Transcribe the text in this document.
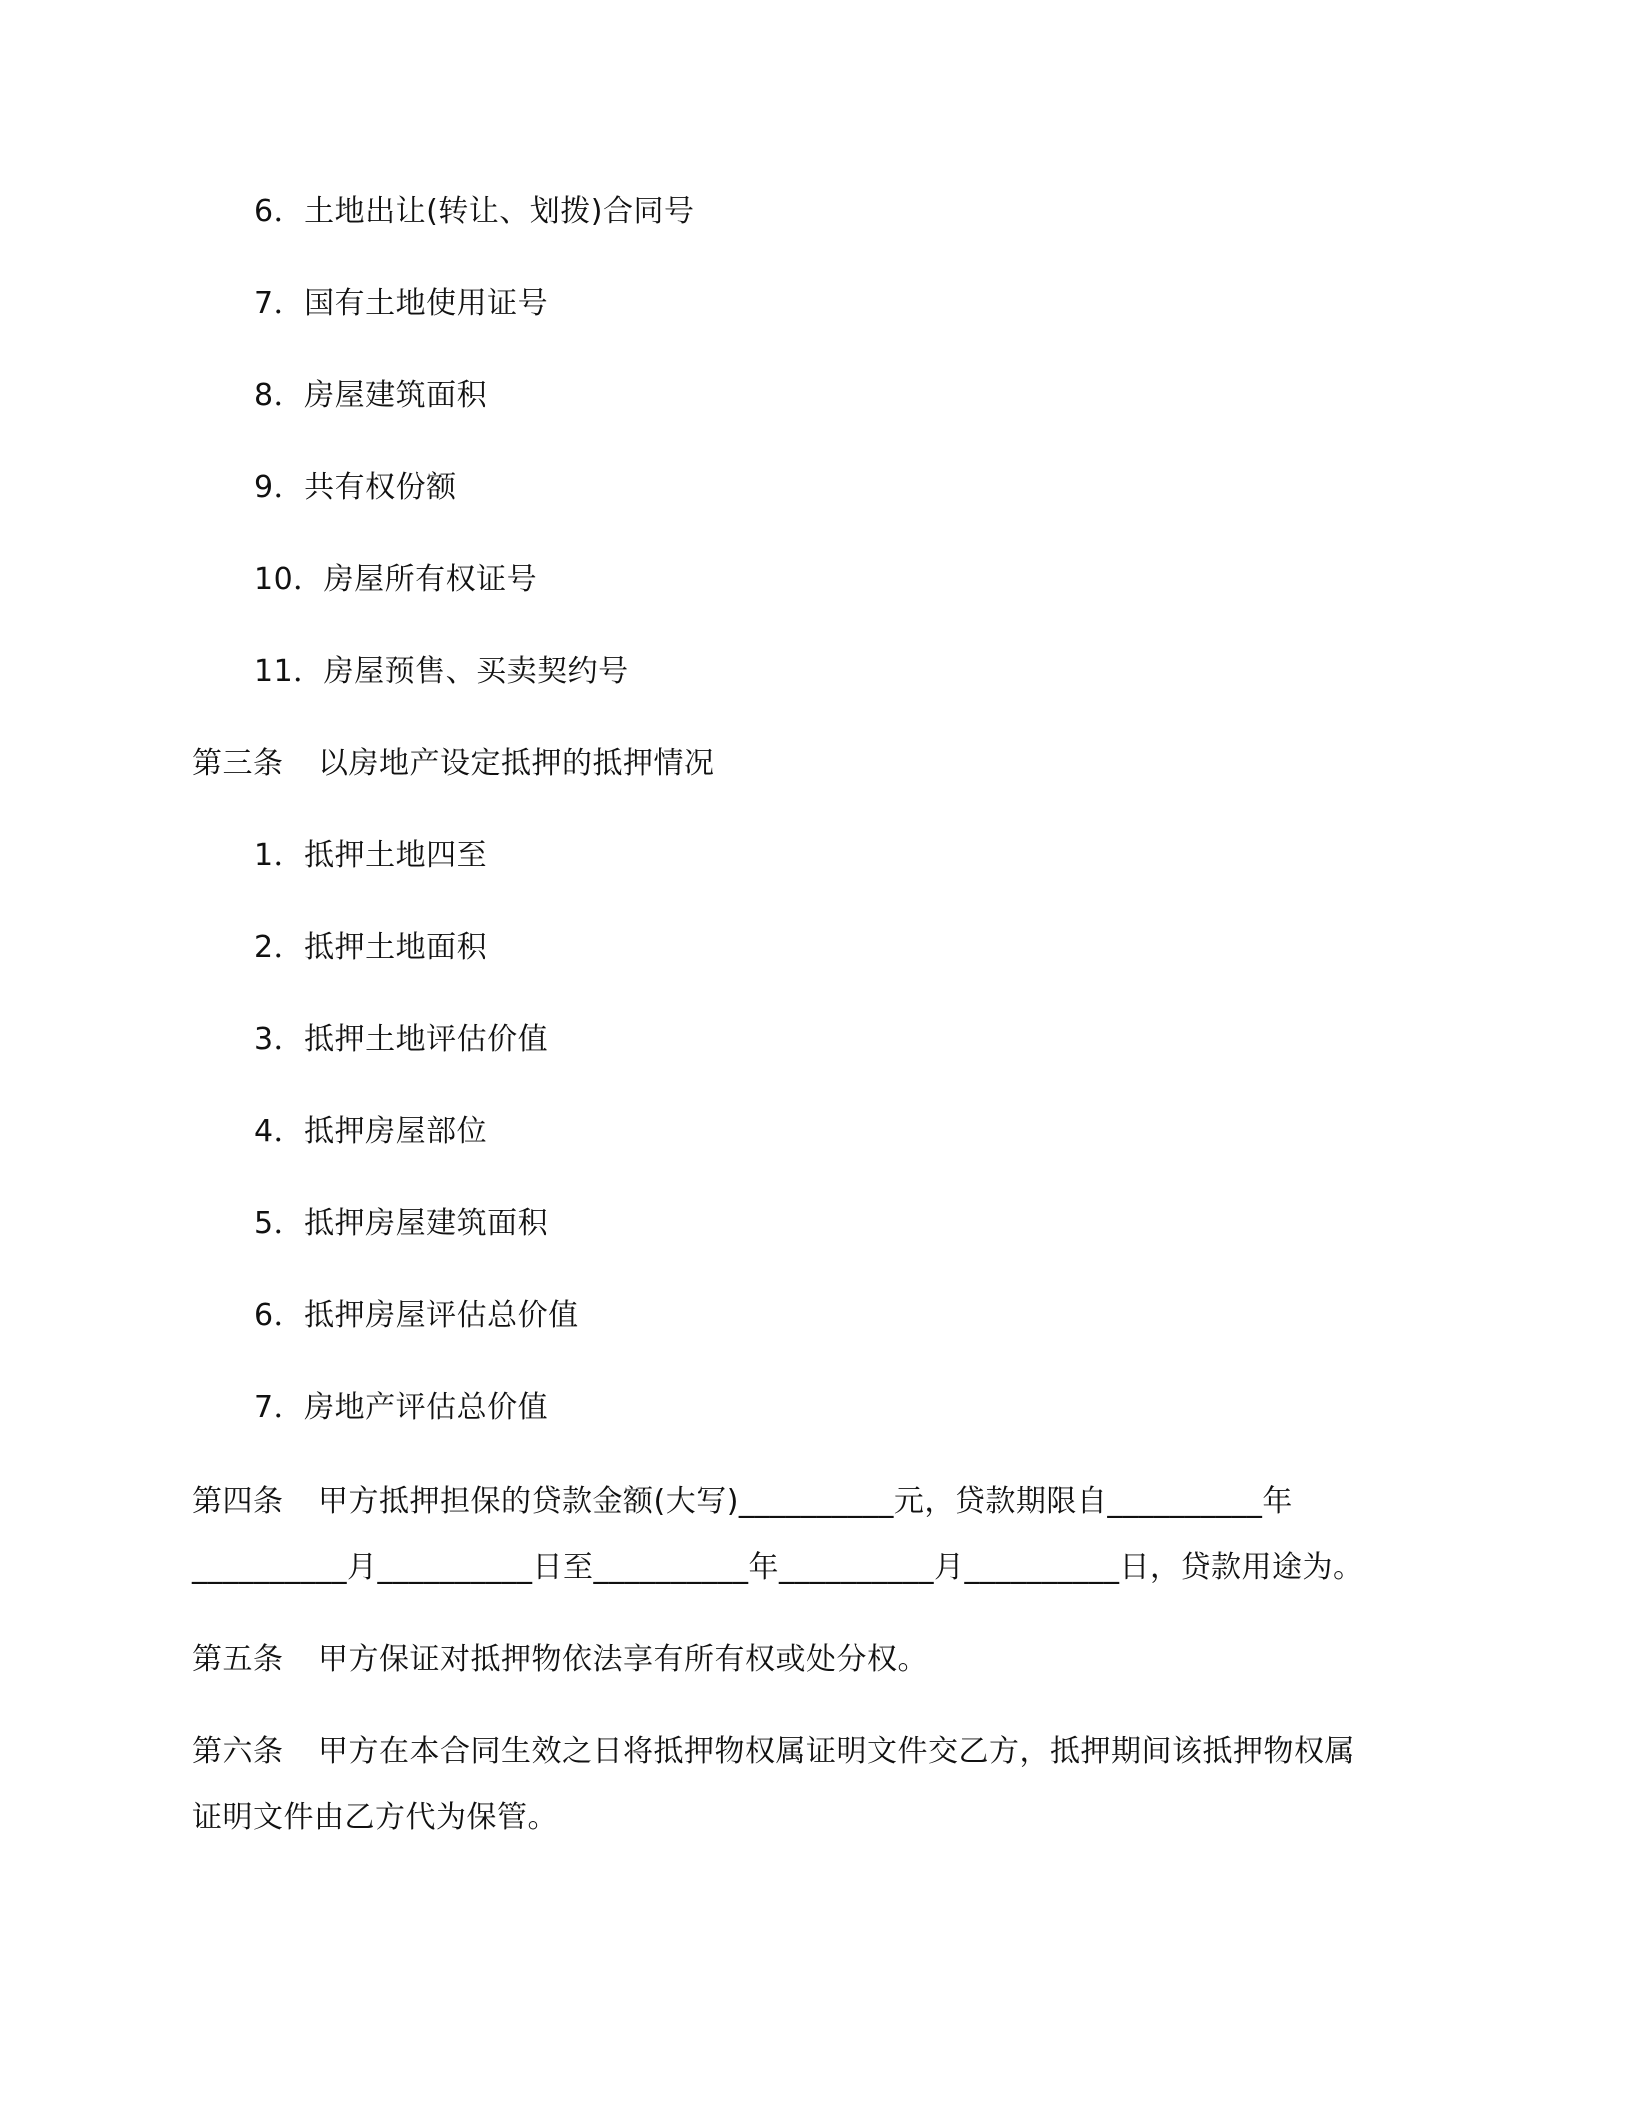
6．土地出让(转让、划拨)合同号
7．国有土地使用证号
8．房屋建筑面积
9．共有权份额
10．房屋所有权证号
11．房屋预售、买卖契约号
第三条 以房地产设定抵押的抵押情况
1．抵押土地四至
2．抵押土地面积
3．抵押土地评估价值
4．抵押房屋部位
5．抵押房屋建筑面积
6．抵押房屋评估总价值
7．房地产评估总价值
第四条 甲方抵押担保的贷款金额(大写)__________元，贷款期限自__________年
__________月__________日至__________年__________月__________日，贷款用途为。
第五条 甲方保证对抵押物依法享有所有权或处分权。
第六条 甲方在本合同生效之日将抵押物权属证明文件交乙方，抵押期间该抵押物权属
证明文件由乙方代为保管。
